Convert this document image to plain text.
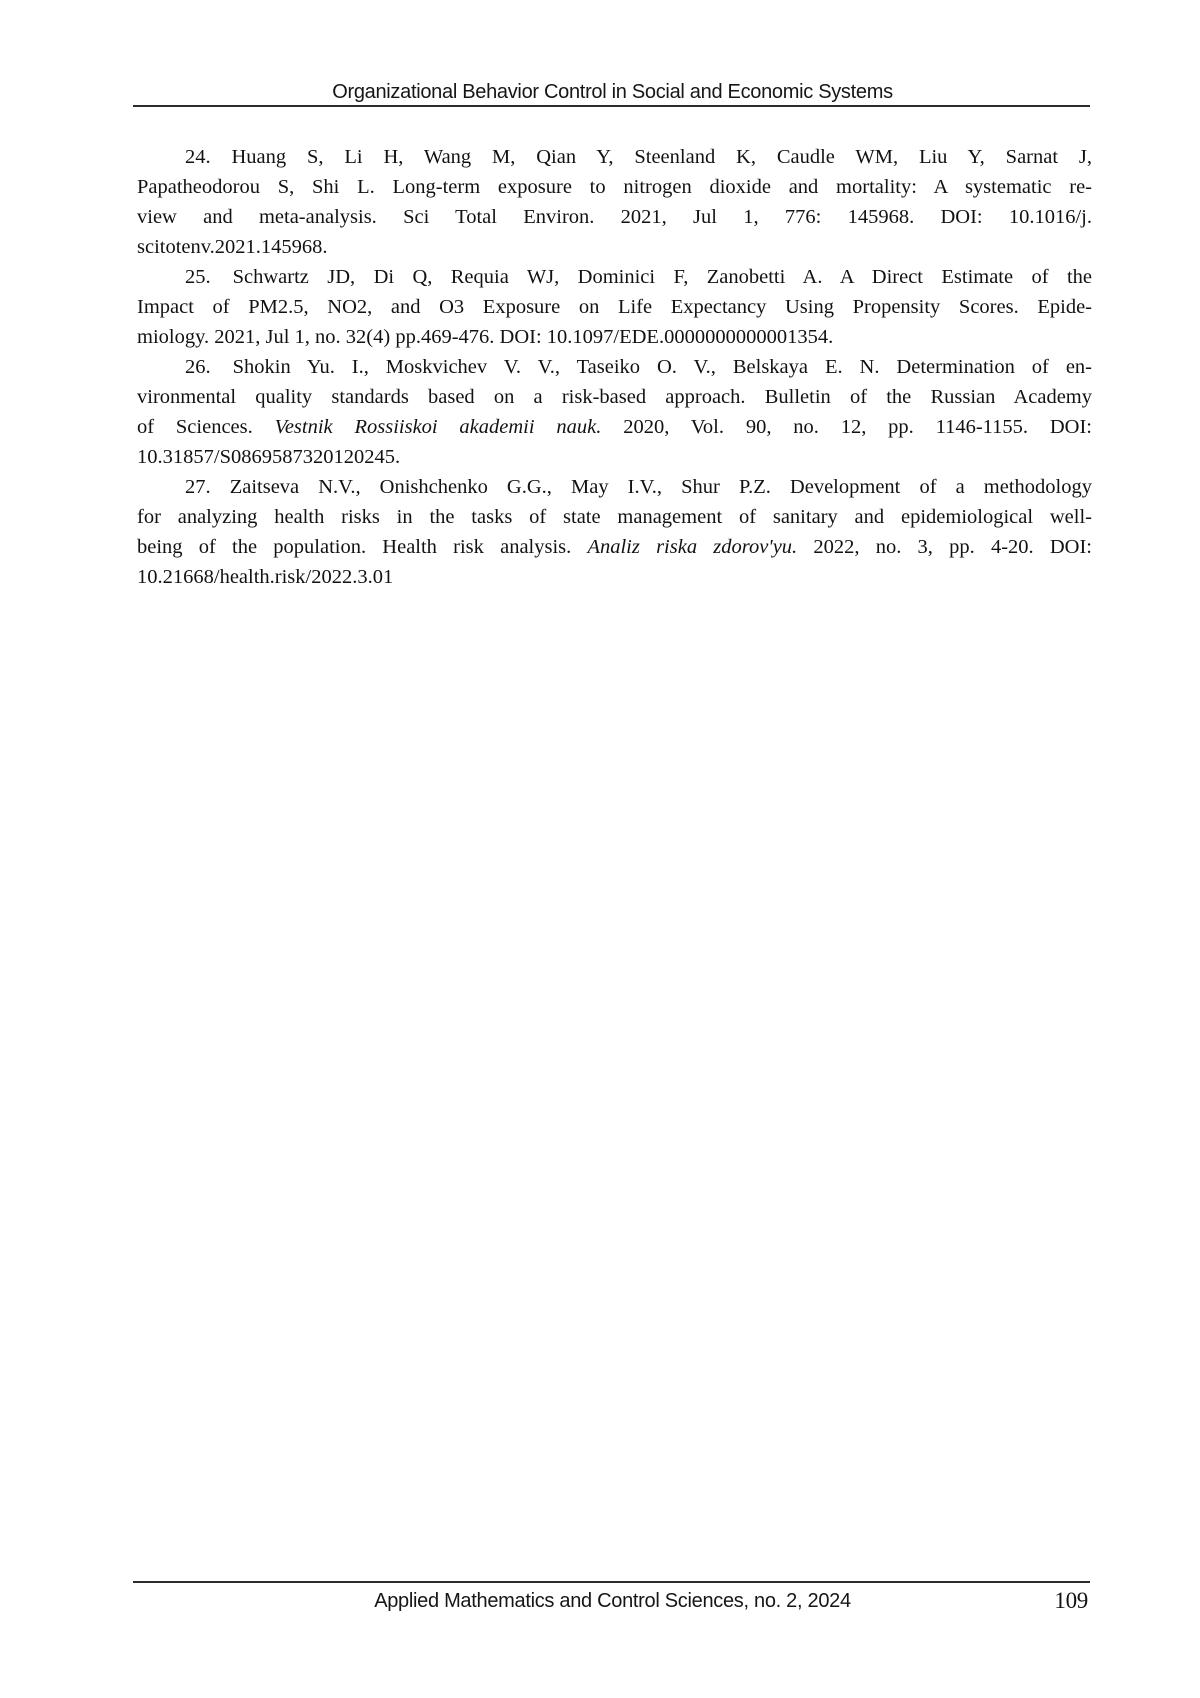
Organizational Behavior Control in Social and Economic Systems
24. Huang S, Li H, Wang M, Qian Y, Steenland K, Caudle WM, Liu Y, Sarnat J,
Papatheodorou S, Shi L. Long-term exposure to nitrogen dioxide and mortality: A systematic re-
view and meta-analysis. Sci Total Environ. 2021, Jul 1, 776: 145968. DOI: 10.1016/j.
scitotenv.2021.145968.
25. Schwartz JD, Di Q, Requia WJ, Dominici F, Zanobetti A. A Direct Estimate of the
Impact of PM2.5, NO2, and O3 Exposure on Life Expectancy Using Propensity Scores. Epide-
miology. 2021, Jul 1, no. 32(4) pp.469-476. DOI: 10.1097/EDE.0000000000001354.
26. Shokin Yu. I., Moskvichev V. V., Taseiko O. V., Belskaya E. N. Determination of en-
vironmental quality standards based on a risk-based approach. Bulletin of the Russian Academy
of Sciences. Vestnik Rossiiskoi akademii nauk. 2020, Vol. 90, no. 12, pp. 1146-1155. DOI:
10.31857/S0869587320120245.
27. Zaitseva N.V., Onishchenko G.G., May I.V., Shur P.Z. Development of a methodology
for analyzing health risks in the tasks of state management of sanitary and epidemiological well-
being of the population. Health risk analysis. Analiz riska zdorov'yu. 2022, no. 3, pp. 4-20. DOI:
10.21668/health.risk/2022.3.01
Applied Mathematics and Control Sciences, no. 2, 2024	109
